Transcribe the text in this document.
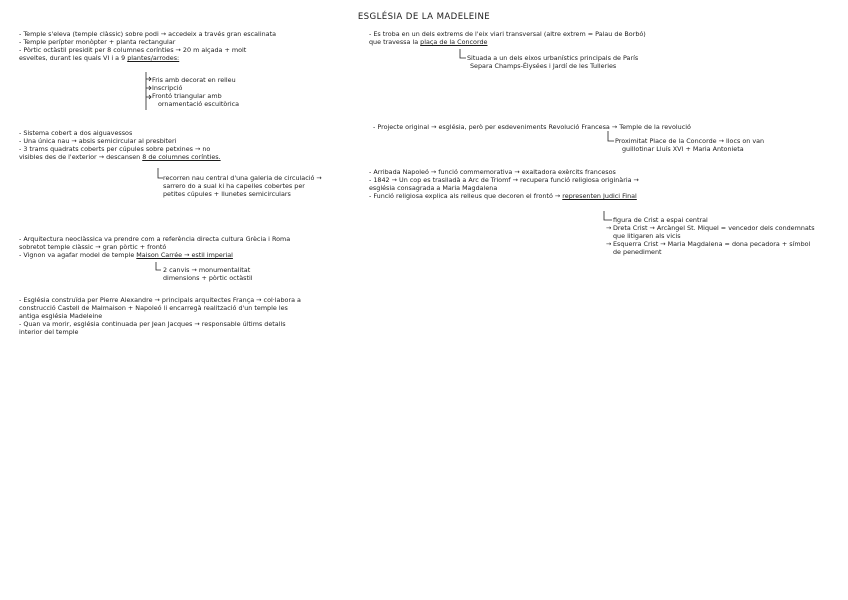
ESGLÉSIA DE LA MADELEINE
- Temple s'eleva (temple clàssic) sobre podi → accedeix a través gran escalinata
- Temple perípter monòpter + planta rectangular
- Pòrtic octàstil presidit per 8 columnes corínties → 20 m alçada + molt
esveltes, durant les quals VI i a 9 plantes/arrodes:
Fris amb decorat en relleu
Inscripció
Frontó triangular amb
ornamentació escultòrica
- Sistema cobert a dos aiguavessos
- Una única nau → absis semicircular al presbiteri
- 3 trams quadrats coberts per cúpules sobre petxines → no
visibles des de l'exterior → descansen 8 de columnes corínties.
recorren nau central d'una galeria de circulació →
sarrero do a sual ki ha capelles cobertes per
petites cúpules + llunetes semicirculars
- Arquitectura neoclàssica va prendre com a referència directa cultura Grècia i Roma
sobretot temple clàssic → gran pòrtic + frontó
- Vignon va agafar model de temple Maison Carrée → estil imperial
2 canvis → monumentalitat
dimensions + pòrtic octàstil
- Església construïda per Pierre Alexandre → principals arquitectes França → col·labora a
construcció Castell de Malmaison + Napoleó li encarregà realització d'un temple les
antiga església Madeleine
- Quan va morir, església continuada per Jean Jacques → responsable últims detalls
interior del temple
- Es troba en un dels extrems de l'eix viari transversal (altre extrem = Palau de Borbó)
que travessa la plaça de la Concorde
Situada a un dels eixos urbanístics principals de París
Separa Champs-Élysées i Jardí de les Tulleries
- Projecte original → església, però per esdeveniments Revolució Francesa → Temple de la revolució
Proximitat Place de la Concorde → llocs on van
guillotinar Lluís XVI + Maria Antonieta
- Arribada Napoleó → funció commemorativa → exaltadora exèrcits francesos
- 1842 → Un cop es traslladà a Arc de Triomf → recupera funció religiosa originària →
església consagrada a Maria Magdalena
- Funció religiosa explica als relleus que decoren el frontó → representen Judici Final
figura de Crist a espai central
→ Dreta Crist → Arcàngel St. Miquel = vencedor dels condemnats
que litigaren als vicis
→ Esquerra Crist → Maria Magdalena = dona pecadora + símbol
de penediment
